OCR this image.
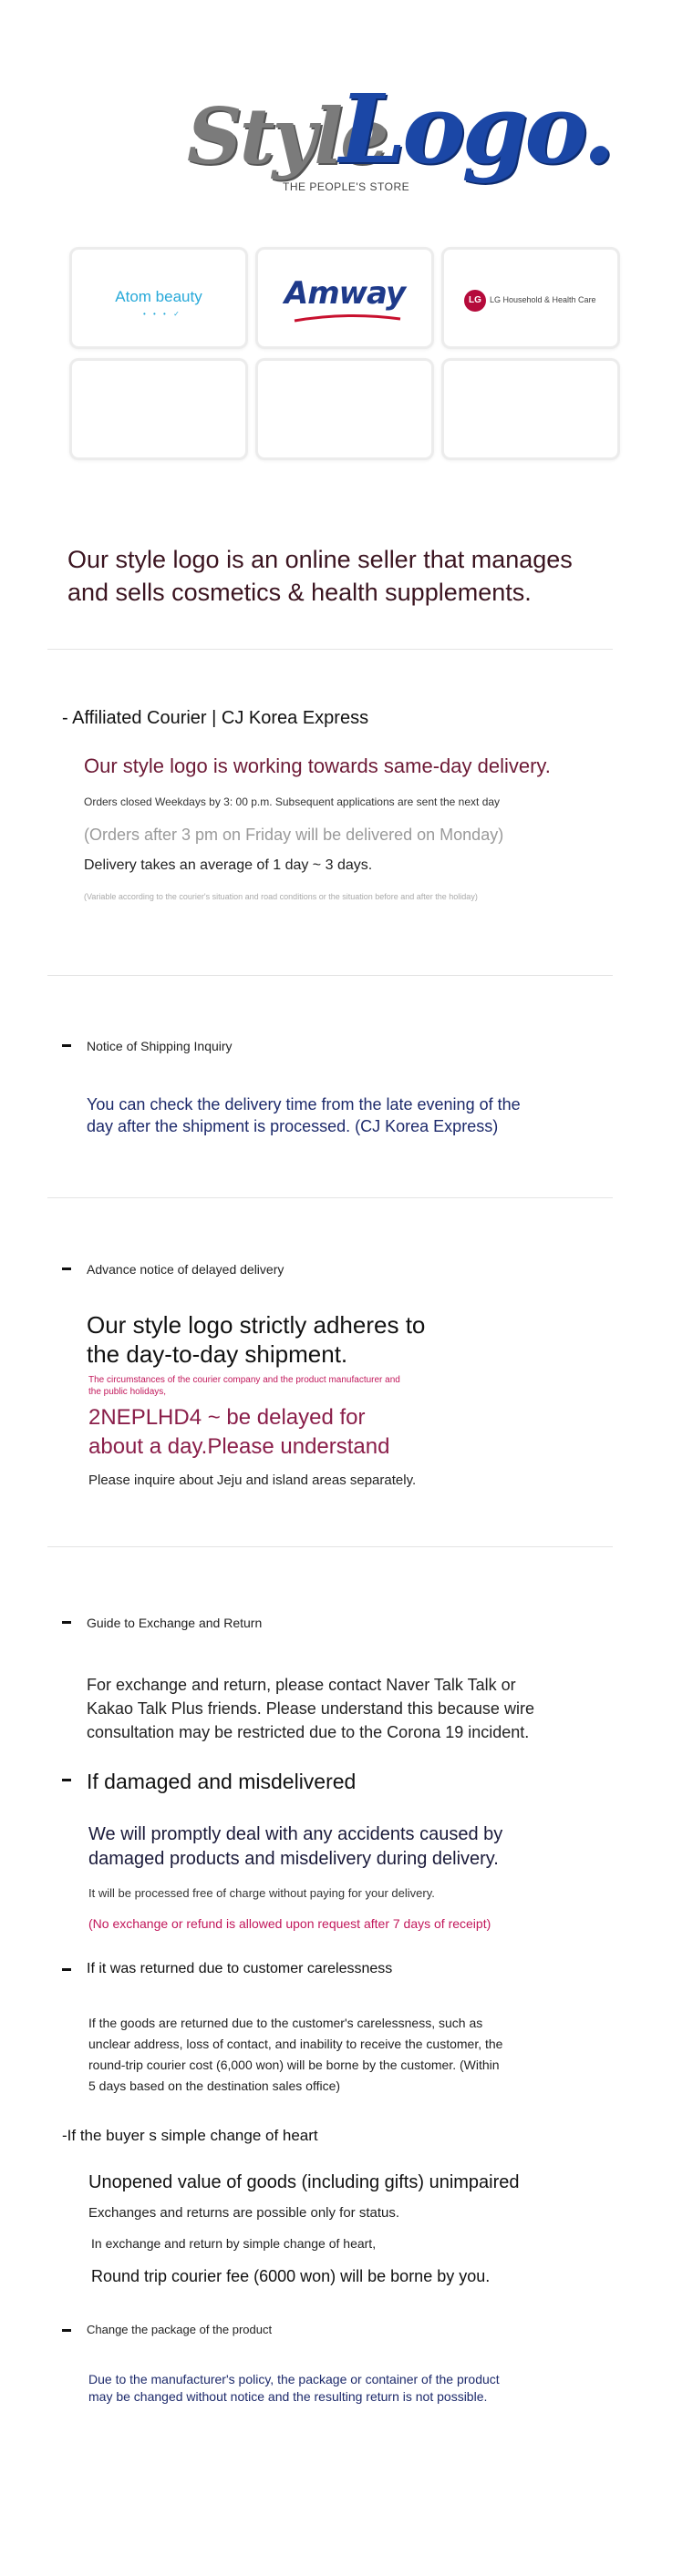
Style
Logo.
THE PEOPLE'S STORE
Atom beauty
• • • ✓
Amway	LG	LG Household & Health Care
Our style logo is an online seller that manages
and sells cosmetics & health supplements.
- Affiliated Courier | CJ Korea Express
Our style logo is working towards same-day delivery.
Orders closed Weekdays by 3: 00 p.m. Subsequent applications are sent the next day
(Orders after 3 pm on Friday will be delivered on Monday)
Delivery takes an average of 1 day ~ 3 days.
(Variable according to the courier's situation and road conditions or the situation before and after the holiday)
Notice of Shipping Inquiry
You can check the delivery time from the late evening of the
day after the shipment is processed. (CJ Korea Express)
Advance notice of delayed delivery
Our style logo strictly adheres to
the day-to-day shipment.
The circumstances of the courier company and the product manufacturer and
the public holidays,
2NEPLHD4 ~ be delayed for
about a day.Please understand
Please inquire about Jeju and island areas separately.
Guide to Exchange and Return
For exchange and return, please contact Naver Talk Talk or
Kakao Talk Plus friends. Please understand this because wire
consultation may be restricted due to the Corona 19 incident.
If damaged and misdelivered
We will promptly deal with any accidents caused by
damaged products and misdelivery during delivery.
It will be processed free of charge without paying for your delivery.
(No exchange or refund is allowed upon request after 7 days of receipt)
If it was returned due to customer carelessness
If the goods are returned due to the customer's carelessness, such as
unclear address, loss of contact, and inability to receive the customer, the
round-trip courier cost (6,000 won) will be borne by the customer. (Within
5 days based on the destination sales office)
-If the buyer s simple change of heart
Unopened value of goods (including gifts) unimpaired
Exchanges and returns are possible only for status.
In exchange and return by simple change of heart,
Round trip courier fee (6000 won) will be borne by you.
Change the package of the product
Due to the manufacturer's policy, the package or container of the product
may be changed without notice and the resulting return is not possible.
